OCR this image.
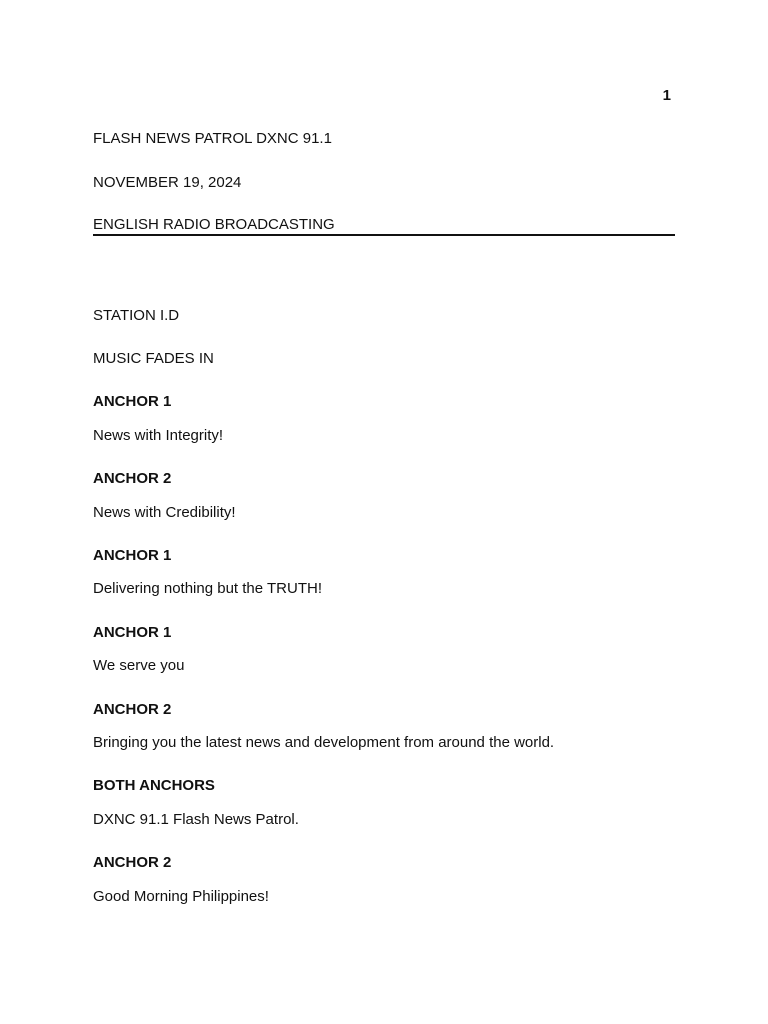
1
FLASH NEWS PATROL DXNC 91.1
NOVEMBER 19, 2024
ENGLISH RADIO BROADCASTING
STATION I.D
MUSIC FADES IN
ANCHOR 1
News with Integrity!
ANCHOR 2
News with Credibility!
ANCHOR 1
Delivering nothing but the TRUTH!
ANCHOR 1
We serve you
ANCHOR 2
Bringing you the latest news and development from around the world.
BOTH ANCHORS
DXNC 91.1 Flash News Patrol.
ANCHOR 2
Good Morning Philippines!
